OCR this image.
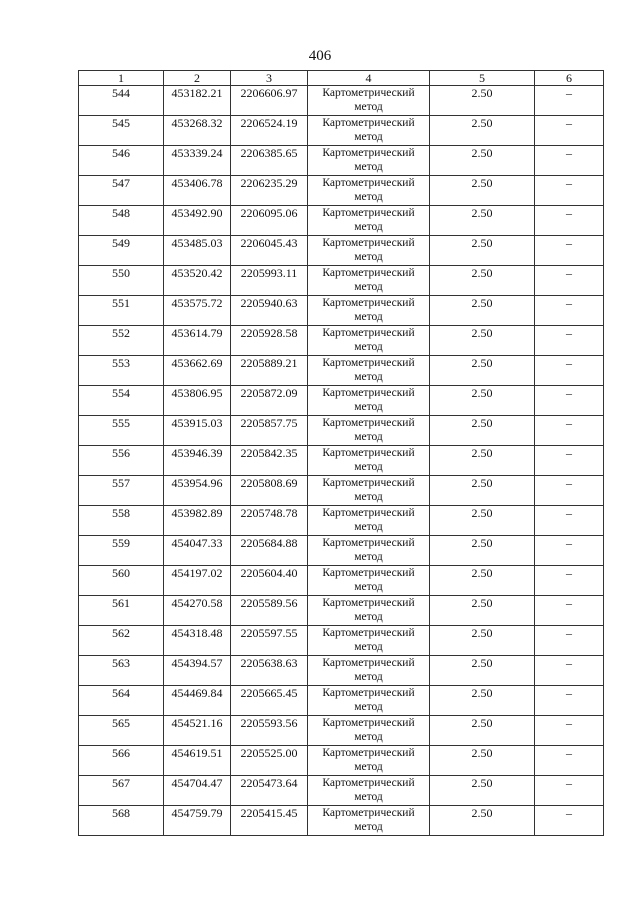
406
1	2	3	4	5	6
544	453182.21	2206606.97	Картометрический метод	2.50	–
545	453268.32	2206524.19	Картометрический метод	2.50	–
546	453339.24	2206385.65	Картометрический метод	2.50	–
547	453406.78	2206235.29	Картометрический метод	2.50	–
548	453492.90	2206095.06	Картометрический метод	2.50	–
549	453485.03	2206045.43	Картометрический метод	2.50	–
550	453520.42	2205993.11	Картометрический метод	2.50	–
551	453575.72	2205940.63	Картометрический метод	2.50	–
552	453614.79	2205928.58	Картометрический метод	2.50	–
553	453662.69	2205889.21	Картометрический метод	2.50	–
554	453806.95	2205872.09	Картометрический метод	2.50	–
555	453915.03	2205857.75	Картометрический метод	2.50	–
556	453946.39	2205842.35	Картометрический метод	2.50	–
557	453954.96	2205808.69	Картометрический метод	2.50	–
558	453982.89	2205748.78	Картометрический метод	2.50	–
559	454047.33	2205684.88	Картометрический метод	2.50	–
560	454197.02	2205604.40	Картометрический метод	2.50	–
561	454270.58	2205589.56	Картометрический метод	2.50	–
562	454318.48	2205597.55	Картометрический метод	2.50	–
563	454394.57	2205638.63	Картометрический метод	2.50	–
564	454469.84	2205665.45	Картометрический метод	2.50	–
565	454521.16	2205593.56	Картометрический метод	2.50	–
566	454619.51	2205525.00	Картометрический метод	2.50	–
567	454704.47	2205473.64	Картометрический метод	2.50	–
568	454759.79	2205415.45	Картометрический метод	2.50	–
